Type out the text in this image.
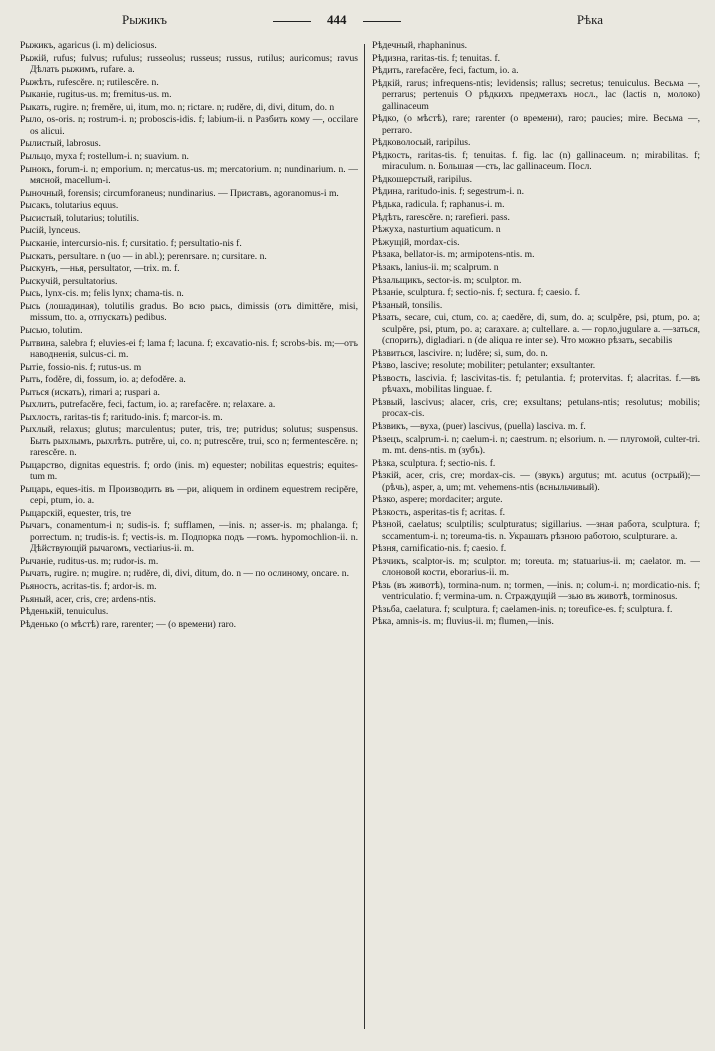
Рыжикъ	444	Рѣка

Рыжикъ, agaricus (i. m) deliciosus.

Рыжій, rufus; fulvus; rufulus; russeolus; russeus; russus, rutilus; auricomus; ravus Дѣлать рыжимъ, rufare. a.

Рыжѣть, rufescĕre. n; rutilescĕre. n.

Рыканіе, rugitus-us. m; fremitus-us. m.

Рыкать, rugire. n; fremĕre, ui, itum, mo. n; rictare. n; rudĕre, di, divi, ditum, do. n

Рыло, os-oris. n; rostrum-i. n; proboscis-idis. f; labium-ii. n Разбить кому —, occilare os alicui.

Рылистый, labrosus.

Рыльцо, myxa f; rostellum-i. n; suavium. n.

Рынокъ, forum-i. n; emporium. n; mercatus-us. m; mercatorium. n; nundinarium. n. — мясной, macellum-i.

Рыночный, forensis; circumforaneus; nundinarius. — Приставъ, agoranomus-i m.

Рысакъ, tolutarius equus.

Рысистый, tolutarius; tolutilis.

Рысій, lynceus.

Рысканіе, intercursio-nis. f; cursitatio. f; persultatio-nis f.

Рыскать, persultare. n (uo — in abl.); perenrsare. n; cursitare. n.

Рыскунъ, —нья, persultator, —trix. m. f.

Рыскучій, persultatorius.

Рысь, lynx-cis. m; felis lynx; chama-tis. n.

Рысь (лошадиная), tolutilis gradus. Во всю рысь, dimissis (отъ dimittĕre, misi, missum, tto. a, отпускать) pedibus.

Рысью, tolutim.

Рытвина, salebra f; eluvies-ei f; lama f; lacuna. f; excavatio-nis. f; scrobs-bis. m;—отъ наводненія, sulcus-ci. m.

Рытіе, fossio-nis. f; rutus-us. m

Рыть, fodĕre, di, fossum, io. a; defodĕre. a.

Рыться (искать), rimari a; ruspari a.

Рыхлить, putrefacĕre, feci, factum, io. a; rarefacĕre. n; relaxare. a.

Рыхлость, raritas-tis f; raritudo-inis. f; marcor-is. m.

Рыхлый, relaxus; glutus; marculentus; puter, tris, tre; putridus; solutus; suspensus. Быть рыхлымъ, рыхлѣть. putrĕre, ui, co. n; putrescĕre, trui, sco n; fermentescĕre. n; rarescĕre. n.

Рыцарство, dignitas equestris. f; ordo (inis. m) equester; nobilitas equestris; equites-tum m.

Рыцарь, eques-itis. m Производить въ —ри, aliquem in ordinem equestrem recipĕre, cepi, ptum, io. a.

Рыцарскій, equester, tris, tre

Рычагъ, conamentum-i n; sudis-is. f; sufflamen, —inis. n; asser-is. m; phalanga. f; porrectum. n; trudis-is. f; vectis-is. m. Подпорка подъ —гомъ. hypomochlion-ii. n. Дѣйствующій рычагомъ, vectiarius-ii. m.

Рычаніе, ruditus-us. m; rudor-is. m.

Рычать, rugire. n; mugire. n; rudĕre, di, divi, ditum, do. n — по ослиному, oncare. n.

Рьяность, acritas-tis. f; ardor-is. m.

Рьяный, acer, cris, cre; ardens-ntis.

Рѣденькій, tenuiculus.

Рѣденько (о мѣстѣ) rare, rarenter; — (о времени) raro.

Рѣдечный, rhaphaninus.

Рѣдизна, raritas-tis. f; tenuitas. f.

Рѣдить, rarefacĕre, feci, factum, io. a.

Рѣдкій, rarus; infrequens-ntis; levidensis; rallus; secretus; tenuiculus. Весьма —, perrarus; pertenuis О рѣдкихъ предметахъ носл., lac (lactis n, молоко) gallinaceum

Рѣдко, (о мѣстѣ), rare; rarenter (о времени), raro; paucies; mire. Весьма —, perraro.

Рѣдковолосый, raripilus.

Рѣдкость, raritas-tis. f; tenuitas. f. fig. lac (n) gallinaceum. n; mirabilitas. f; miraculum. n. Большая —сть, lac gallinaceum. Посл.

Рѣдкошерстый, raripilus.

Рѣдина, raritudo-inis. f; segestrum-i. n.

Рѣдька, radicula. f; raphanus-i. m.

Рѣдѣть, rarescĕre. n; rarefieri. pass.

Рѣжуха, nasturtium aquaticum. n

Рѣжущій, mordax-cis.

Рѣзака, bellator-is. m; armipotens-ntis. m.

Рѣзакъ, lanius-ii. m; scalprum. n

Рѣзальщикъ, sector-is. m; sculptor. m.

Рѣзаніе, sculptura. f; sectio-nis. f; sectura. f; caesio. f.

Рѣзаный, tonsilis.

Рѣзать, secare, cui, ctum, co. a; caedĕre, di, sum, do. a; sculpĕre, psi, ptum, po. a; sculpĕre, psi, ptum, po. a; caraxare. a; cultellare. a. — горло,jugulare a. —заться, (спорить), digladiari. n (de aliqua re inter se). Что можно рѣзать, secabilis

Рѣзвиться, lascivire. n; ludĕre; si, sum, do. n.

Рѣзво, lascive; resolute; mobiliter; petulanter; exsultanter.

Рѣзвость, lascivia. f; lascivitas-tis. f; petulantia. f; protervitas. f; alacritas. f.—въ рѣчахъ, mobilitas linguae. f.

Рѣзвый, lascivus; alacer, cris, cre; exsultans; petulans-ntis; resolutus; mobilis; procax-cis.

Рѣзвикъ, —вуха, (puer) lascivus, (puella) lasciva. m. f.

Рѣзецъ, scalprum-i. n; caelum-i. n; caestrum. n; elsorium. n. — плугомой, culter-tri. m. mt. dens-ntis. m (зубъ).

Рѣзка, sculptura. f; sectio-nis. f.

Рѣзкій, acer, cris, cre; mordax-cis. — (звукъ) argutus; mt. acutus (острый);—(рѣчь), asper, a, um; mt. vehemens-ntis (всныльчивый).

Рѣзко, aspere; mordaciter; argute.

Рѣзкость, asperitas-tis f; acritas. f.

Рѣзной, caelatus; sculptilis; sculpturatus; sigillarius. —зная работа, sculptura. f; sccamentum-i. n; toreuma-tis. n. Украшать рѣзною работою, sculpturare. a.

Рѣзня, carnificatio-nis. f; caesio. f.

Рѣзчикъ, scalptor-is. m; sculptor. m; toreuta. m; statuarius-ii. m; caelator. m. — слоновой кости, eborarius-ii. m.

Рѣзь (въ животѣ), tormina-num. n; tormen, —inis. n; colum-i. n; mordicatio-nis. f; ventriculatio. f; vermina-um. n. Страждущій —зью въ животѣ, torminosus.

Рѣзьба, caelatura. f; sculptura. f; caelamen-inis. n; toreufice-es. f; sculptura. f.

Рѣка, amnis-is. m; fluvius-ii. m; flumen,—inis.
